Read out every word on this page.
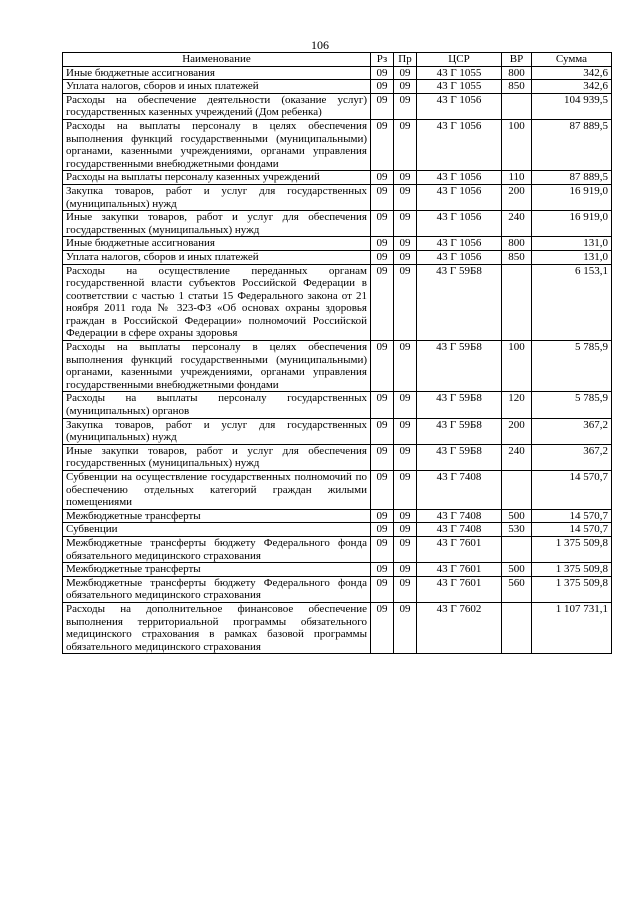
106
Наименование	Рз	Пр	ЦСР	ВР	Сумма
Иные бюджетные ассигнования	09	09	43 Г 1055	800	342,6
Уплата налогов, сборов и иных платежей	09	09	43 Г 1055	850	342,6
Расходы на обеспечение деятельности (оказание услуг) государственных казенных учреждений (Дом ребенка)	09	09	43 Г 1056		104 939,5
Расходы на выплаты персоналу в целях обеспечения выполнения функций государственными (муниципальными) органами, казенными учреждениями, органами управления государственными внебюджетными фондами	09	09	43 Г 1056	100	87 889,5
Расходы на выплаты персоналу казенных учреждений	09	09	43 Г 1056	110	87 889,5
Закупка товаров, работ и услуг для государственных (муниципальных) нужд	09	09	43 Г 1056	200	16 919,0
Иные закупки товаров, работ и услуг для обеспечения государственных (муниципальных) нужд	09	09	43 Г 1056	240	16 919,0
Иные бюджетные ассигнования	09	09	43 Г 1056	800	131,0
Уплата налогов, сборов и иных платежей	09	09	43 Г 1056	850	131,0
Расходы на осуществление переданных органам государственной власти субъектов Российской Федерации в соответствии с частью 1 статьи 15 Федерального закона от 21 ноября 2011 года № 323-ФЗ «Об основах охраны здоровья граждан в Российской Федерации» полномочий Российской Федерации в сфере охраны здоровья	09	09	43 Г 59Б8		6 153,1
Расходы на выплаты персоналу в целях обеспечения выполнения функций государственными (муниципальными) органами, казенными учреждениями, органами управления государственными внебюджетными фондами	09	09	43 Г 59Б8	100	5 785,9
Расходы на выплаты персоналу государственных (муниципальных) органов	09	09	43 Г 59Б8	120	5 785,9
Закупка товаров, работ и услуг для государственных (муниципальных) нужд	09	09	43 Г 59Б8	200	367,2
Иные закупки товаров, работ и услуг для обеспечения государственных (муниципальных) нужд	09	09	43 Г 59Б8	240	367,2
Субвенции на осуществление государственных полномочий по обеспечению отдельных категорий граждан жилыми помещениями	09	09	43 Г 7408		14 570,7
Межбюджетные трансферты	09	09	43 Г 7408	500	14 570,7
Субвенции	09	09	43 Г 7408	530	14 570,7
Межбюджетные трансферты бюджету Федерального фонда обязательного медицинского страхования	09	09	43 Г 7601		1 375 509,8
Межбюджетные трансферты	09	09	43 Г 7601	500	1 375 509,8
Межбюджетные трансферты бюджету Федерального фонда обязательного медицинского страхования	09	09	43 Г 7601	560	1 375 509,8
Расходы на дополнительное финансовое обеспечение выполнения территориальной программы обязательного медицинского страхования в рамках базовой программы обязательного медицинского страхования	09	09	43 Г 7602		1 107 731,1
